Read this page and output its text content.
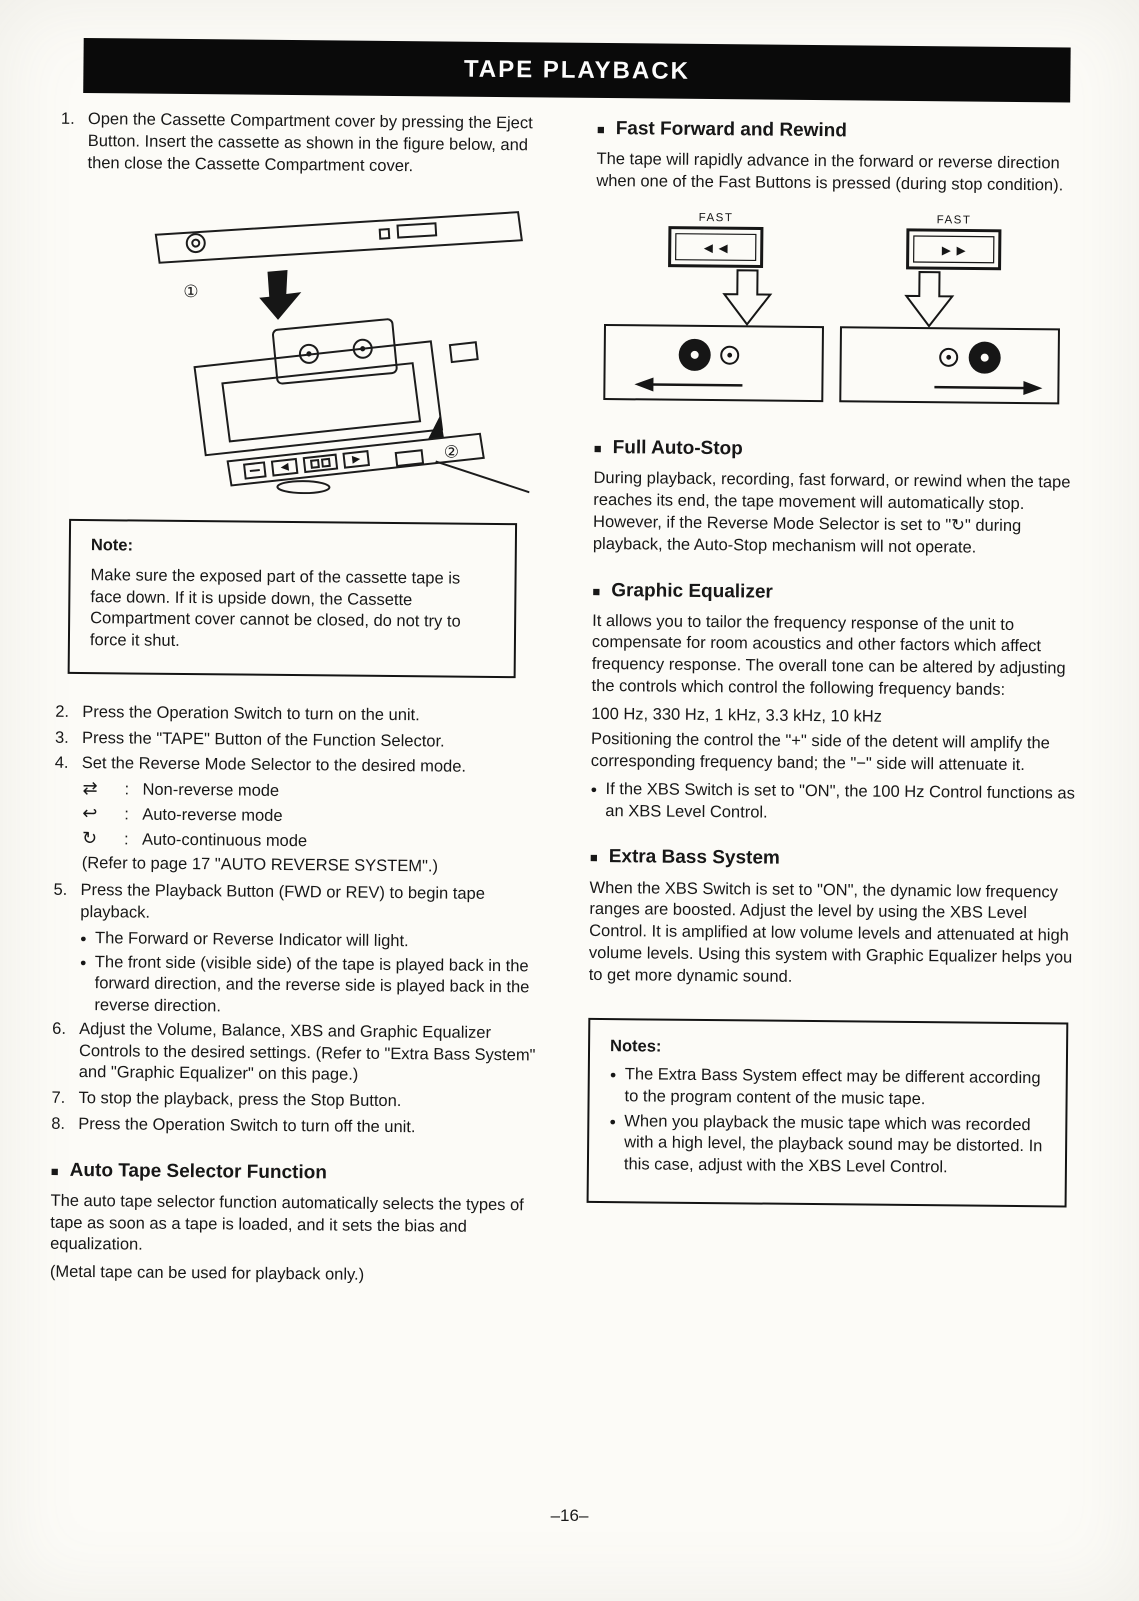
TAPE PLAYBACK
1. Open the Cassette Compartment cover by pressing the Eject Button. Insert the cassette as shown in the figure below, and then close the Cassette Compartment cover.
①
②
Note:
Make sure the exposed part of the cassette tape is face down. If it is upside down, the Cassette Compartment cover cannot be closed, do not try to force it shut.
2. Press the Operation Switch to turn on the unit.
3. Press the "TAPE" Button of the Function Selector.
4. Set the Reverse Mode Selector to the desired mode.
⇄	: Non-reverse mode
↩	: Auto-reverse mode
↻	: Auto-continuous mode
(Refer to page 17 "AUTO REVERSE SYSTEM".)
5. Press the Playback Button (FWD or REV) to begin tape playback.
● The Forward or Reverse Indicator will light.
● The front side (visible side) of the tape is played back in the forward direction, and the reverse side is played back in the reverse direction.
6. Adjust the Volume, Balance, XBS and Graphic Equalizer Controls to the desired settings. (Refer to "Extra Bass System" and "Graphic Equalizer" on this page.)
7. To stop the playback, press the Stop Button.
8. Press the Operation Switch to turn off the unit.
■ Auto Tape Selector Function

The auto tape selector function automatically selects the types of tape as soon as a tape is loaded, and it sets the bias and equalization.

(Metal tape can be used for playback only.)

■ Fast Forward and Rewind

The tape will rapidly advance in the forward or reverse direction when one of the Fast Buttons is pressed (during stop condition).

FAST
◄◄
FAST
►►
■ Full Auto-Stop

During playback, recording, fast forward, or rewind when the tape reaches its end, the tape movement will automatically stop. However, if the Reverse Mode Selector is set to "↻" during playback, the Auto-Stop mechanism will not operate.

■ Graphic Equalizer

It allows you to tailor the frequency response of the unit to compensate for room acoustics and other factors which affect frequency response. The overall tone can be altered by adjusting the controls which control the following frequency bands:

100 Hz, 330 Hz, 1 kHz, 3.3 kHz, 10 kHz

Positioning the control the "+" side of the detent will amplify the corresponding frequency band; the "−" side will attenuate it.

● If the XBS Switch is set to "ON", the 100 Hz Control functions as an XBS Level Control.
■ Extra Bass System

When the XBS Switch is set to "ON", the dynamic low frequency ranges are boosted. Adjust the level by using the XBS Level Control. It is amplified at low volume levels and attenuated at high volume levels. Using this system with Graphic Equalizer helps you to get more dynamic sound.

Notes:
● The Extra Bass System effect may be different according to the program content of the music tape.
● When you playback the music tape which was recorded with a high level, the playback sound may be distorted. In this case, adjust with the XBS Level Control.
–16–
